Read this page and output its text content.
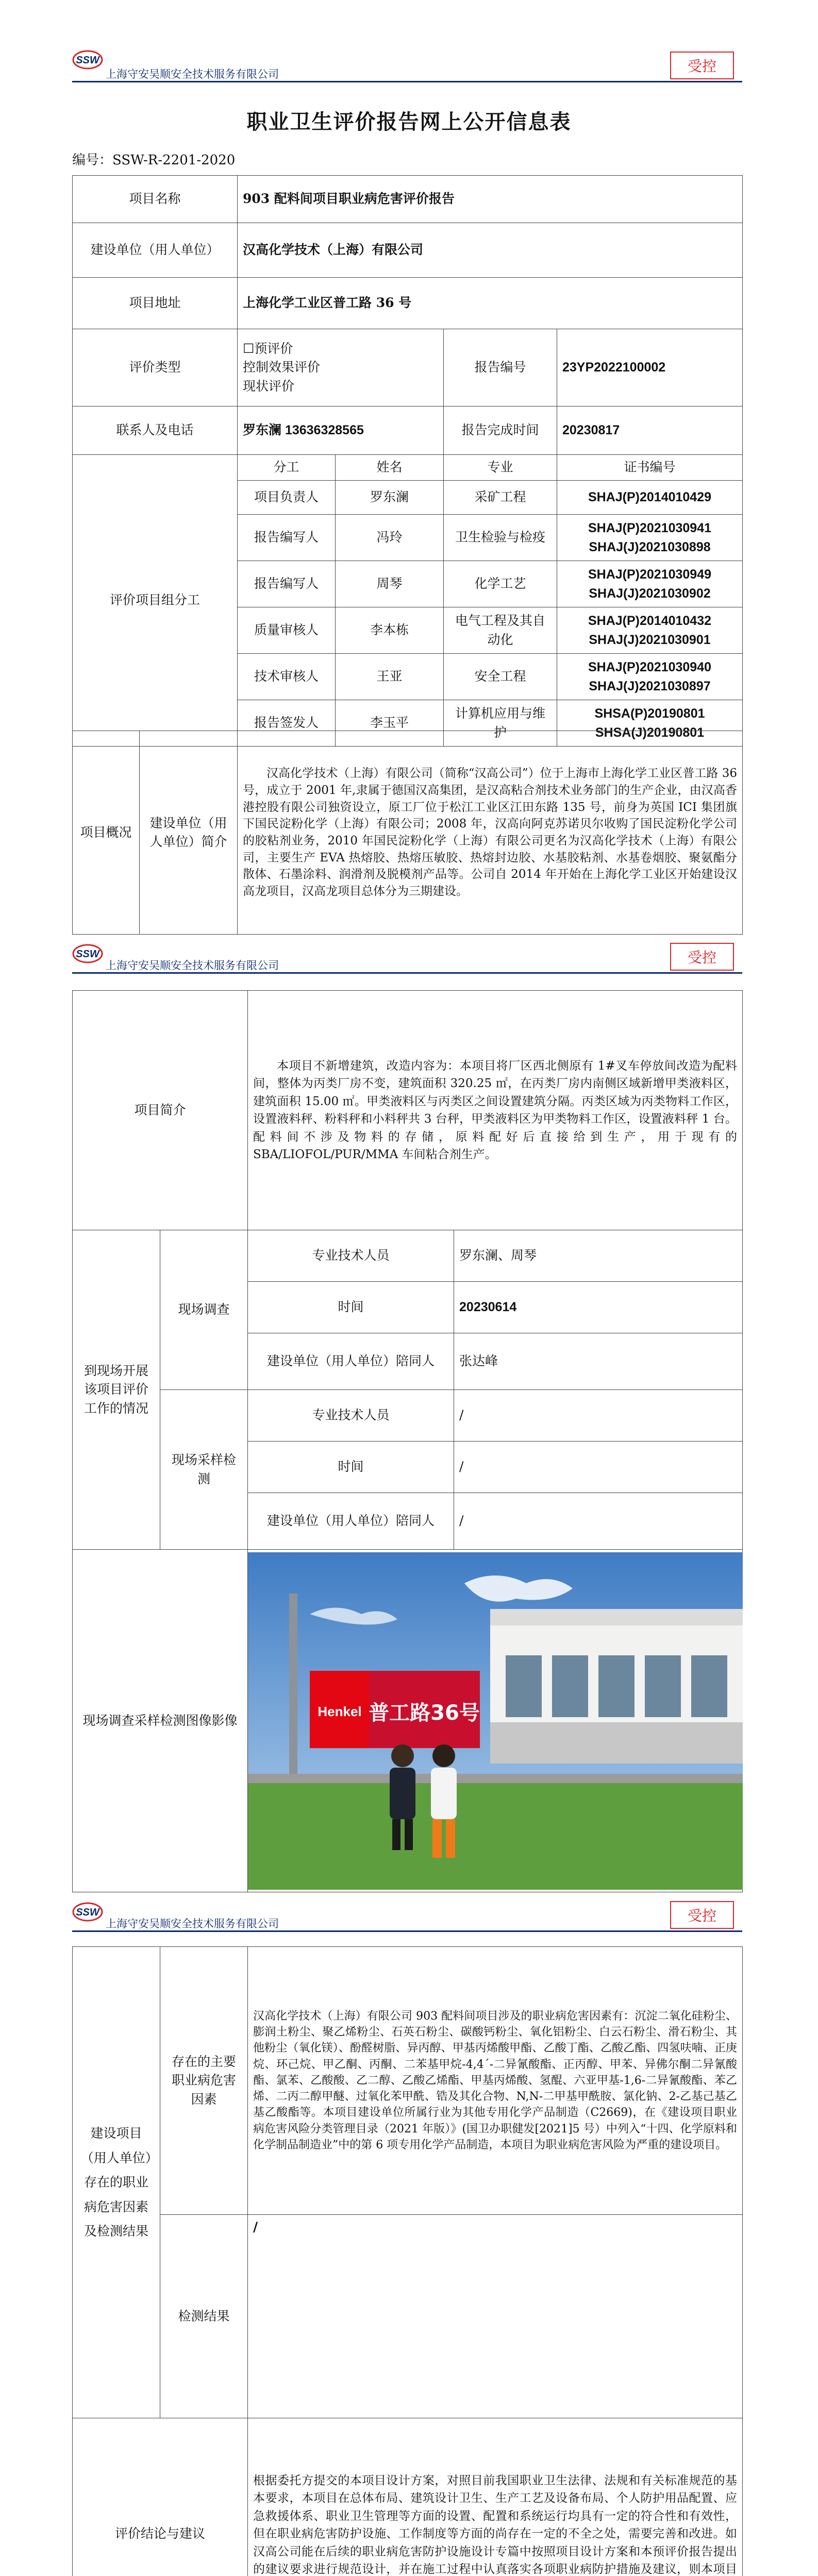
SSW
上海守安吴顺安全技术服务有限公司	受控
职业卫生评价报告网上公开信息表
编号：SSW-R-2201-2020
项目名称	903 配料间项目职业病危害评价报告			
建设单位（用人单位）	汉高化学技术（上海）有限公司			
项目地址	上海化学工业区普工路 36 号			
评价类型	☐预评价
控制效果评价
现状评价		报告编号	23YP2022100002
联系人及电话	罗东澜 13636328565		报告完成时间	20230817
评价项目组分工	分工	姓名	专业	证书编号
	项目负责人	罗东澜	采矿工程	SHAJ(P)2014010429
	报告编写人	冯玲	卫生检验与检疫	SHAJ(P)2021030941
SHAJ(J)2021030898
	报告编写人	周琴	化学工艺	SHAJ(P)2021030949
SHAJ(J)2021030902
	质量审核人	李本栋	电气工程及其自动化	SHAJ(P)2014010432
SHAJ(J)2021030901
	技术审核人	王亚	安全工程	SHAJ(P)2021030940
SHAJ(J)2021030897
	报告签发人	李玉平	计算机应用与维护	SHSA(P)20190801
SHSA(J)20190801
项目概况	建设单位（用人单位）简介	汉高化学技术（上海）有限公司（简称“汉高公司”）位于上海市上海化学工业区普工路 36 号，成立于 2001 年,隶属于德国汉高集团，是汉高粘合剂技术业务部门的生产企业，由汉高香港控股有限公司独资设立，原工厂位于松江工业区江田东路 135 号，前身为英国 ICI 集团旗下国民淀粉化学（上海）有限公司；2008 年，汉高向阿克苏诺贝尔收购了国民淀粉化学公司的胶粘剂业务，2010 年国民淀粉化学（上海）有限公司更名为汉高化学技术（上海）有限公司，主要生产 EVA 热熔胶、热熔压敏胶、热熔封边胶、水基胶粘剂、水基卷烟胶、聚氨酯分散体、石墨涂料、润滑剂及脱模剂产品等。公司自 2014 年开始在上海化学工业区开始建设汉高龙项目，汉高龙项目总体分为三期建设。
SSW
上海守安吴顺安全技术服务有限公司	受控
项目简介		本项目不新增建筑，改造内容为：本项目将厂区西北侧原有 1#叉车停放间改造为配料间，整体为丙类厂房不变，建筑面积 320.25 ㎡，在丙类厂房内南侧区域新增甲类液料区，建筑面积 15.00 ㎡。甲类液料区与丙类区之间设置建筑分隔。丙类区域为丙类物料工作区，设置液料秤、粉料秤和小料秤共 3 台秤，甲类液料区为甲类物料工作区，设置液料秤 1 台。配料间不涉及物料的存储，原料配好后直接给到生产，用于现有的SBA/LIOFOL/PUR/MMA 车间粘合剂生产。	
到现场开展该项目评价工作的情况	现场调查	专业技术人员	罗东澜、周琴
		时间	20230614
		建设单位（用人单位）陪同人	张达峰
	现场采样检测	专业技术人员	/
		时间	/
		建设单位（用人单位）陪同人	/
现场调查采样检测图像影像		Henkel 普工路36号	
SSW
上海守安吴顺安全技术服务有限公司	受控
建设项目（用人单位）存在的职业病危害因素及检测结果	存在的主要职业病危害因素	汉高化学技术（上海）有限公司 903 配料间项目涉及的职业病危害因素有：沉淀二氧化硅粉尘、膨润土粉尘、聚乙烯粉尘、石英石粉尘、碳酸钙粉尘、氧化铝粉尘、白云石粉尘、滑石粉尘、其他粉尘（氧化镁）、酚醛树脂、异丙醇、甲基丙烯酸甲酯、乙酸丁酯、乙酸乙酯、四氢呋喃、正庚烷、环己烷、甲乙酮、丙酮、二苯基甲烷-4,4´-二异氰酸酯、正丙醇、甲苯、异佛尔酮二异氰酸酯、氯苯、乙酸酸、乙二醇、乙酸乙烯酯、甲基丙烯酸、氢醌、六亚甲基-1,6-二异氰酸酯、苯乙烯、二丙二醇甲醚、过氧化苯甲酰、锆及其化合物、N,N-二甲基甲酰胺、氯化钠、2-乙基己基乙基乙酸酯等。本项目建设单位所属行业为其他专用化学产品制造（C2669)，在《建设项目职业病危害风险分类管理目录（2021 年版）》(国卫办职健发[2021]5 号）中列入“十四、化学原料和化学制品制造业”中的第 6 项专用化学产品制造，本项目为职业病危害风险为严重的建设项目。
	检测结果	/
评价结论与建议		根据委托方提交的本项目设计方案，对照目前我国职业卫生法律、法规和有关标准规范的基本要求，本项目在总体布局、建筑设计卫生、生产工艺及设备布局、个人防护用品配置、应急救援体系、职业卫生管理等方面的设置、配置和系统运行均具有一定的符合性和有效性，但在职业病危害防护设施、工作制度等方面的尚存在一定的不全之处，需要完善和改进。如汉高公司能在后续的职业病危害防护设施设计专篇中按照项目设计方案和本预评价报告提出的建议要求进行规范设计，并在施工过程中认真落实各项职业病防护措施及建议，则本项目
